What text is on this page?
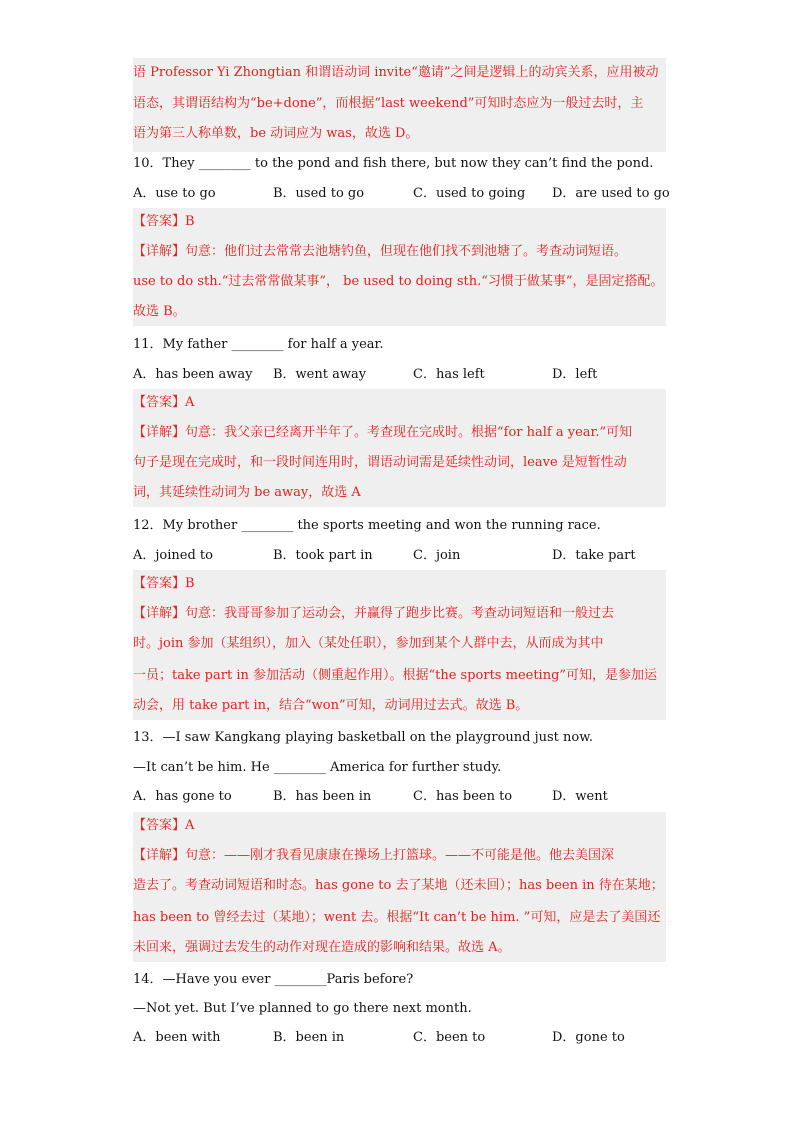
语 Professor Yi Zhongtian 和谓语动词 invite“邀请”之间是逻辑上的动宾关系，应用被动
语态，其谓语结构为“be+done”，而根据“last weekend”可知时态应为一般过去时，主
语为第三人称单数，be 动词应为 was，故选 D。
10．They ________ to the pond and fish there, but now they can’t find the pond.
A．use to go	B．used to go	C．used to going D．are used to go
【答案】B
【详解】句意：他们过去常常去池塘钓鱼，但现在他们找不到池塘了。考查动词短语。
use to do sth.“过去常常做某事”， be used to doing sth.“习惯于做某事”，是固定搭配。
故选 B。
11．My father ________ for half a year.
A．has been away B．went away	C．has left	D．left
【答案】A
【详解】句意：我父亲已经离开半年了。考查现在完成时。根据“for half a year.”可知
句子是现在完成时，和一段时间连用时，谓语动词需是延续性动词，leave 是短暂性动
词，其延续性动词为 be away，故选 A
12．My brother ________ the sports meeting and won the running race.
A．joined to	B．took part in	C．join	D．take part
【答案】B
【详解】句意：我哥哥参加了运动会，并赢得了跑步比赛。考查动词短语和一般过去
时。join 参加（某组织），加入（某处任职），参加到某个人群中去，从而成为其中
一员；take part in 参加活动（侧重起作用）。根据“the sports meeting”可知，是参加运
动会，用 take part in，结合“won”可知，动词用过去式。故选 B。
13．—I saw Kangkang playing basketball on the playground just now.
—It can’t be him. He ________ America for further study.
A．has gone to	B．has been in	C．has been to	D．went
【答案】A
【详解】句意：——刚才我看见康康在操场上打篮球。——不可能是他。他去美国深
造去了。考查动词短语和时态。has gone to 去了某地（还未回）；has been in 待在某地；
has been to 曾经去过（某地）；went 去。根据“It can’t be him. ”可知，应是去了美国还
未回来，强调过去发生的动作对现在造成的影响和结果。故选 A。
14．—Have you ever ________Paris before?
—Not yet. But I’ve planned to go there next month.
A．been with	B．been in	C．been to	D．gone to
